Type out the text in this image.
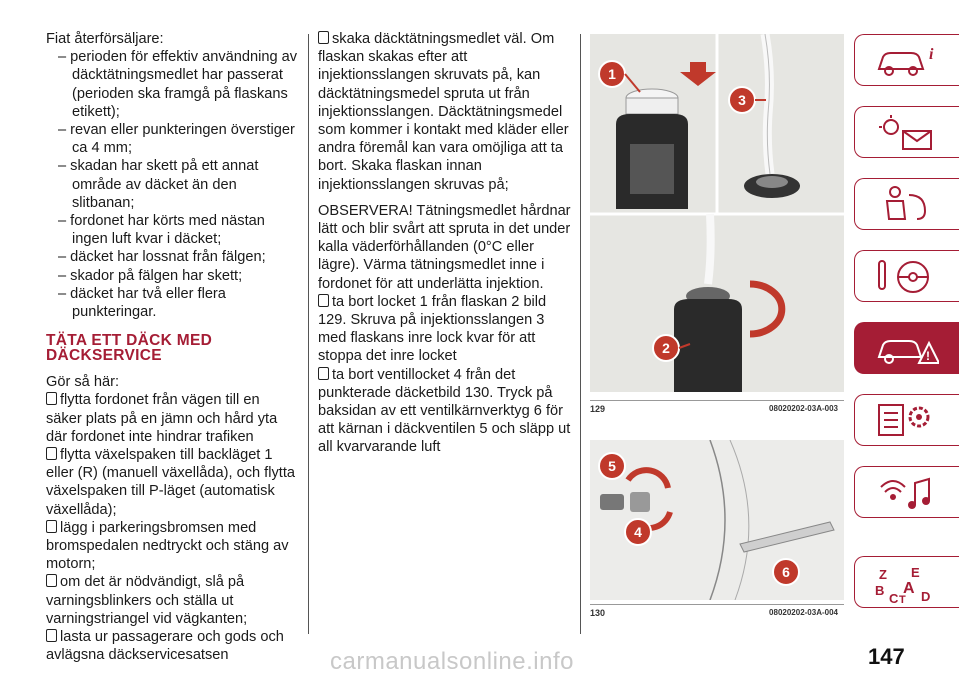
Fiat återförsäljare:
– perioden för effektiv användning av däcktätningsmedlet har passerat (perioden ska framgå på flaskans etikett);
– revan eller punkteringen överstiger ca 4 mm;
– skadan har skett på ett annat område av däcket än den slitbanan;
– fordonet har körts med nästan ingen luft kvar i däcket;
– däcket har lossnat från fälgen;
– skador på fälgen har skett;
– däcket har två eller flera punkteringar.
TÄTA ETT DÄCK MED DÄCKSERVICE
Gör så här:
flytta fordonet från vägen till en säker plats på en jämn och hård yta där fordonet inte hindrar trafiken
flytta växelspaken till backläget 1 eller (R) (manuell växellåda), och flytta växelspaken till P-läget (automatisk växellåda);
lägg i parkeringsbromsen med bromspedalen nedtryckt och stäng av motorn;
om det är nödvändigt, slå på varningsblinkers och ställa ut varningstriangel vid vägkanten;
lasta ur passagerare och gods och avlägsna däckservicesatsen
skaka däcktätningsmedlet väl. Om flaskan skakas efter att injektionsslangen skruvats på, kan däcktätningsmedel spruta ut från injektionsslangen. Däcktätningsmedel som kommer i kontakt med kläder eller andra föremål kan vara omöjliga att ta bort. Skaka flaskan innan injektionsslangen skruvas på;
OBSERVERA! Tätningsmedlet hårdnar lätt och blir svårt att spruta in det under kalla väderförhållanden (0°C eller lägre). Värma tätningsmedlet inne i fordonet för att underlätta injektion.
ta bort locket 1 från flaskan 2 bild 129. Skruva på injektionsslangen 3 med flaskans inre lock kvar för att stoppa det inre locket
ta bort ventillocket 4 från det punkterade däcketbild 130. Tryck på baksidan av ett ventilkärnverktyg 6 för att kärnan i däckventilen 5 och släpp ut all kvarvarande luft
1
3
2
129	08020202-03A-003
5
4
6
130	08020202-03A-004
i
!
Z E
B A
C T D
147
carmanualsonline.info
